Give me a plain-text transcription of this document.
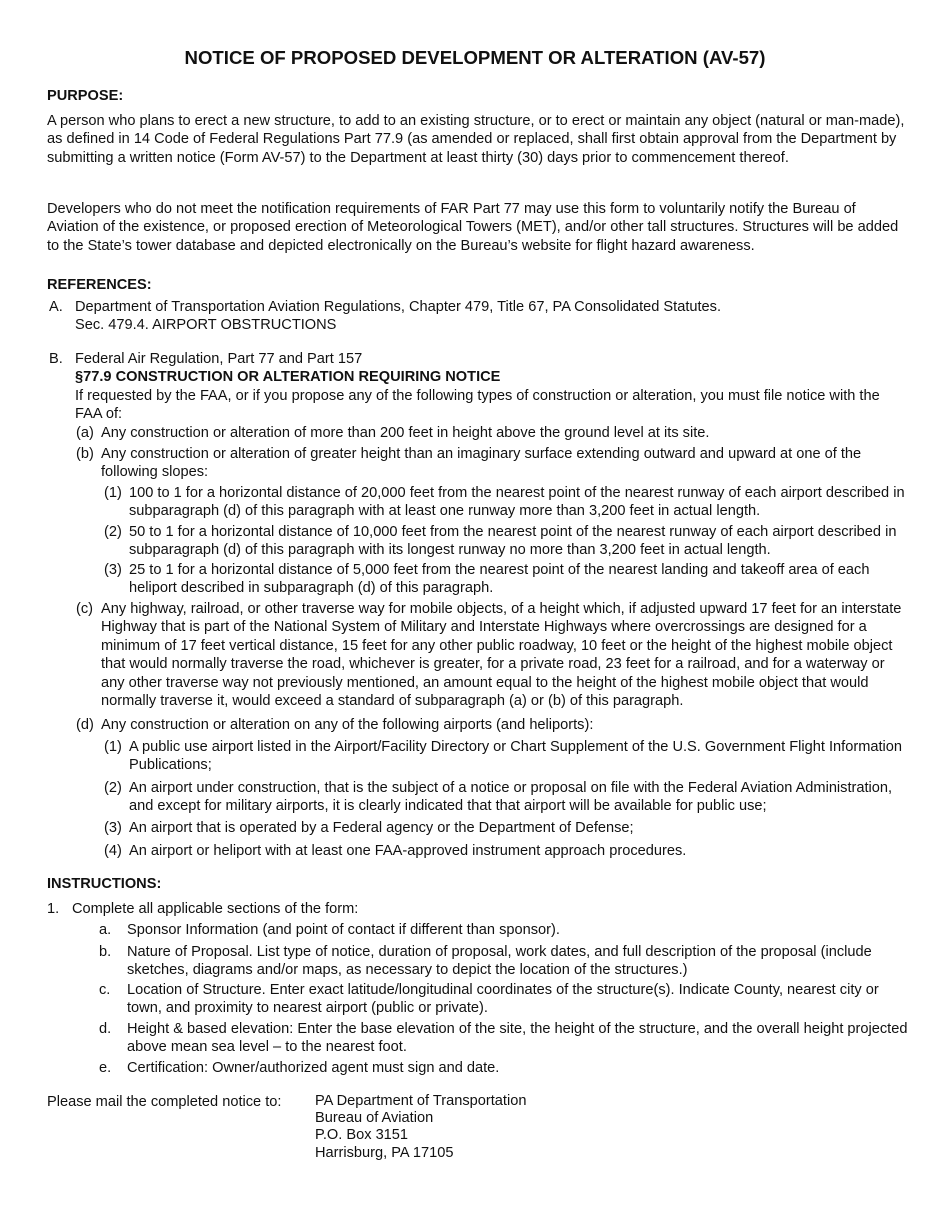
NOTICE OF PROPOSED DEVELOPMENT OR ALTERATION (AV-57)
PURPOSE:

A person who plans to erect a new structure, to add to an existing structure, or to erect or maintain any object (natural or man-made), as defined in 14 Code of Federal Regulations Part 77.9 (as amended or replaced, shall first obtain approval from the Department by submitting a written notice (Form AV-57) to the Department at least thirty (30) days prior to commencement thereof.

Developers who do not meet the notification requirements of FAR Part 77 may use this form to voluntarily notify the Bureau of Aviation of the existence, or proposed erection of Meteorological Towers (MET), and/or other tall structures. Structures will be added to the State’s tower database and depicted electronically on the Bureau’s website for flight hazard awareness.

REFERENCES:
A. Department of Transportation Aviation Regulations, Chapter 479, Title 67, PA Consolidated Statutes.
Sec. 479.4. AIRPORT OBSTRUCTIONS
B. Federal Air Regulation, Part 77 and Part 157
§77.9 CONSTRUCTION OR ALTERATION REQUIRING NOTICE
If requested by the FAA, or if you propose any of the following types of construction or alteration, you must file notice with the FAA of:
(a) Any construction or alteration of more than 200 feet in height above the ground level at its site.
(b) Any construction or alteration of greater height than an imaginary surface extending outward and upward at one of the following slopes:
(1) 100 to 1 for a horizontal distance of 20,000 feet from the nearest point of the nearest runway of each airport described in subparagraph (d) of this paragraph with at least one runway more than 3,200 feet in actual length.
(2) 50 to 1 for a horizontal distance of 10,000 feet from the nearest point of the nearest runway of each airport described in subparagraph (d) of this paragraph with its longest runway no more than 3,200 feet in actual length.
(3) 25 to 1 for a horizontal distance of 5,000 feet from the nearest point of the nearest landing and takeoff area of each heliport described in subparagraph (d) of this paragraph.
(c) Any highway, railroad, or other traverse way for mobile objects, of a height which, if adjusted upward 17 feet for an interstate Highway that is part of the National System of Military and Interstate Highways where overcrossings are designed for a minimum of 17 feet vertical distance, 15 feet for any other public roadway, 10 feet or the height of the highest mobile object that would normally traverse the road, whichever is greater, for a private road, 23 feet for a railroad, and for a waterway or any other traverse way not previously mentioned, an amount equal to the height of the highest mobile object that would normally traverse it, would exceed a standard of subparagraph (a) or (b) of this paragraph.
(d) Any construction or alteration on any of the following airports (and heliports):
(1) A public use airport listed in the Airport/Facility Directory or Chart Supplement of the U.S. Government Flight Information Publications;
(2) An airport under construction, that is the subject of a notice or proposal on file with the Federal Aviation Administration, and except for military airports, it is clearly indicated that that airport will be available for public use;
(3) An airport that is operated by a Federal agency or the Department of Defense;
(4) An airport or heliport with at least one FAA-approved instrument approach procedures.
INSTRUCTIONS:
1. Complete all applicable sections of the form:
a.	Sponsor Information (and point of contact if different than sponsor).
b.	Nature of Proposal. List type of notice, duration of proposal, work dates, and full description of the proposal (include sketches, diagrams and/or maps, as necessary to depict the location of the structures.)
c.	Location of Structure. Enter exact latitude/longitudinal coordinates of the structure(s). Indicate County, nearest city or town, and proximity to nearest airport (public or private).
d.	Height & based elevation: Enter the base elevation of the site, the height of the structure, and the overall height projected above mean sea level – to the nearest foot.
e.	Certification: Owner/authorized agent must sign and date.
Please mail the completed notice to: PA Department of Transportation
Bureau of Aviation
P.O. Box 3151
Harrisburg, PA 17105
